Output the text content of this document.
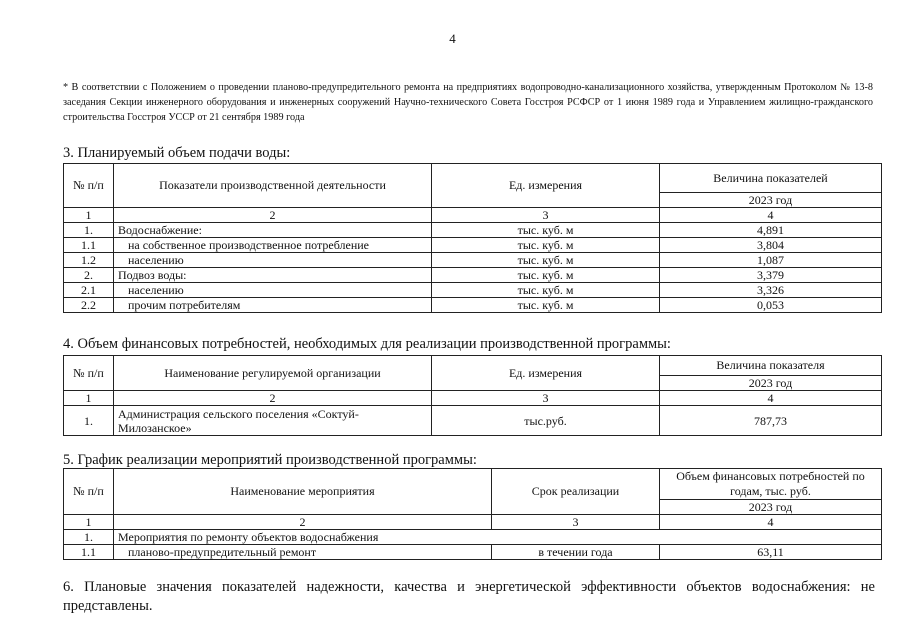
4
* В соответствии с Положением о проведении планово-предупредительного ремонта на предприятиях водопроводно-канализационного хозяйства, утвержденным Протоколом № 13-8 заседания Секции инженерного оборудования и инженерных сооружений Научно-технического Совета Госстроя РСФСР от 1 июня 1989 года и Управлением жилищно-гражданского строительства Госстроя УССР от 21 сентября 1989 года
3. Планируемый объем подачи воды:
№ п/п	Показатели производственной деятельности	Ед. измерения	Величина показателей
			2023 год
1	2	3	4
1.	Водоснабжение:	тыс. куб. м	4,891
1.1	на собственное производственное потребление	тыс. куб. м	3,804
1.2	населению	тыс. куб. м	1,087
2.	Подвоз воды:	тыс. куб. м	3,379
2.1	населению	тыс. куб. м	3,326
2.2	прочим потребителям	тыс. куб. м	0,053
4. Объем финансовых потребностей, необходимых для реализации производственной программы:
№ п/п	Наименование регулируемой организации	Ед. измерения	Величина показателя
			2023 год
1	2	3	4
1.	Администрация сельского поселения «Соктуй-Милозанское»	тыс.руб.	787,73
5. График реализации мероприятий производственной программы:
№ п/п	Наименование мероприятия	Срок реализации	Объем финансовых потребностей по годам, тыс. руб.
			2023 год
1	2	3	4
1.	Мероприятия по ремонту объектов водоснабжения		
1.1	планово-предупредительный ремонт	в течении года	63,11
6. Плановые значения показателей надежности, качества и энергетической эффективности объектов водоснабжения: не представлены.
